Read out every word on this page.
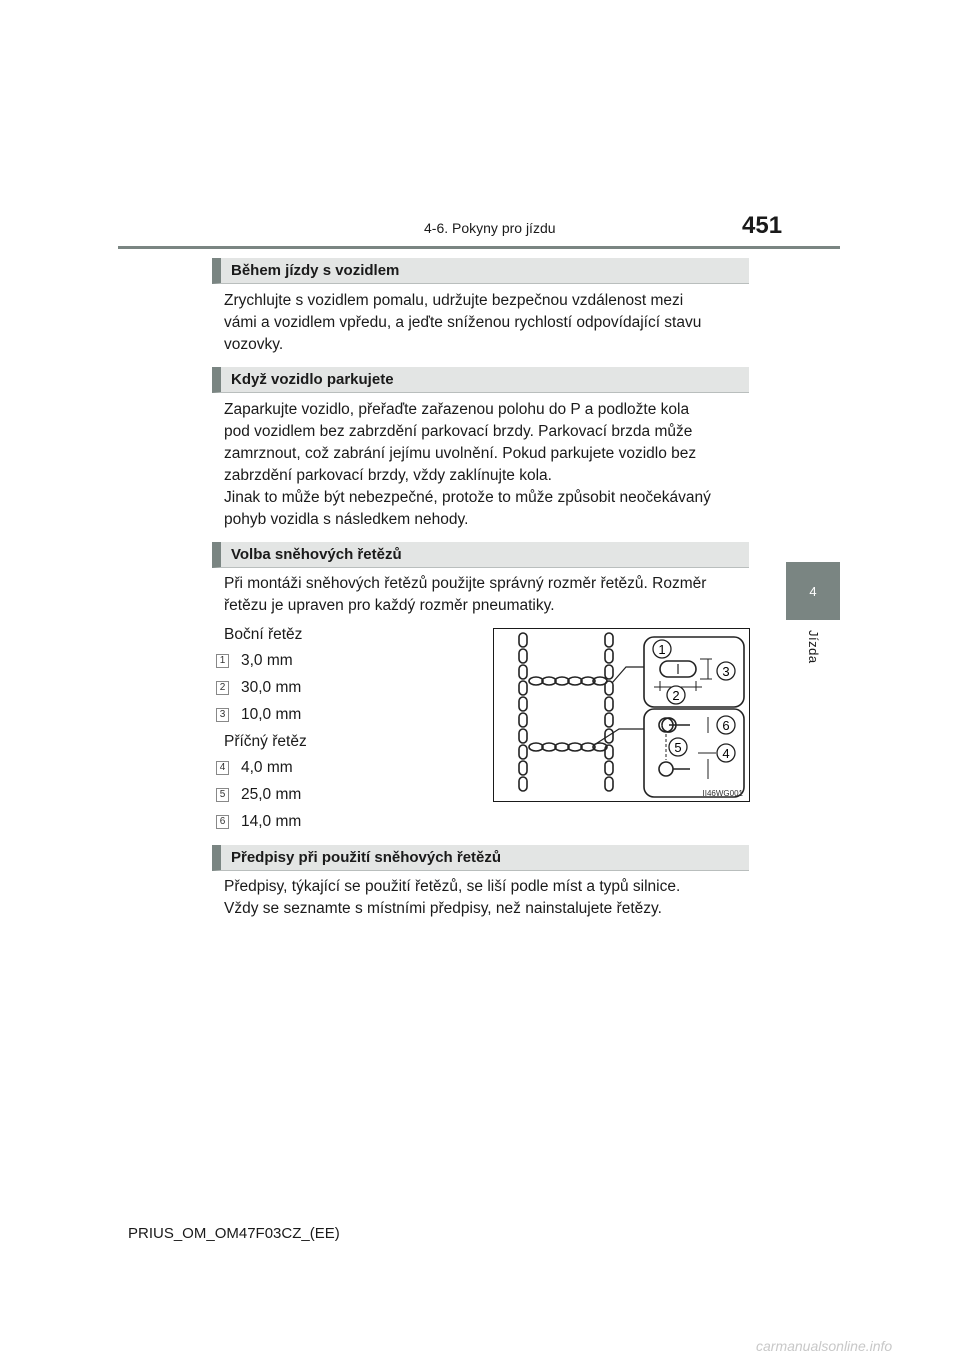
4-6. Pokyny pro jízdu	451
4
Jízda
Během jízdy s vozidlem

Zrychlujte s vozidlem pomalu, udržujte bezpečnou vzdálenost mezi
vámi a vozidlem vpředu, a jeďte sníženou rychlostí odpovídající stavu
vozovky.

Když vozidlo parkujete

Zaparkujte vozidlo, přeřaďte zařazenou polohu do P a podložte kola
pod vozidlem bez zabrzdění parkovací brzdy. Parkovací brzda může
zamrznout, což zabrání jejímu uvolnění. Pokud parkujete vozidlo bez
zabrzdění parkovací brzdy, vždy zaklínujte kola.
Jinak to může být nebezpečné, protože to může způsobit neočekávaný
pohyb vozidla s následkem nehody.

Volba sněhových řetězů

Při montáži sněhových řetězů použijte správný rozměr řetězů. Rozměr
řetězu je upraven pro každý rozměr pneumatiky.

Boční řetěz
1 3,0 mm
2 30,0 mm
3 10,0 mm
Příčný řetěz
4 4,0 mm
5 25,0 mm
6 14,0 mm
1
2
3
4
5
6
II46WG001
Předpisy při použití sněhových řetězů

Předpisy, týkající se použití řetězů, se liší podle míst a typů silnice.
Vždy se seznamte s místními předpisy, než nainstalujete řetězy.

PRIUS_OM_OM47F03CZ_(EE)
carmanualsonline.info
